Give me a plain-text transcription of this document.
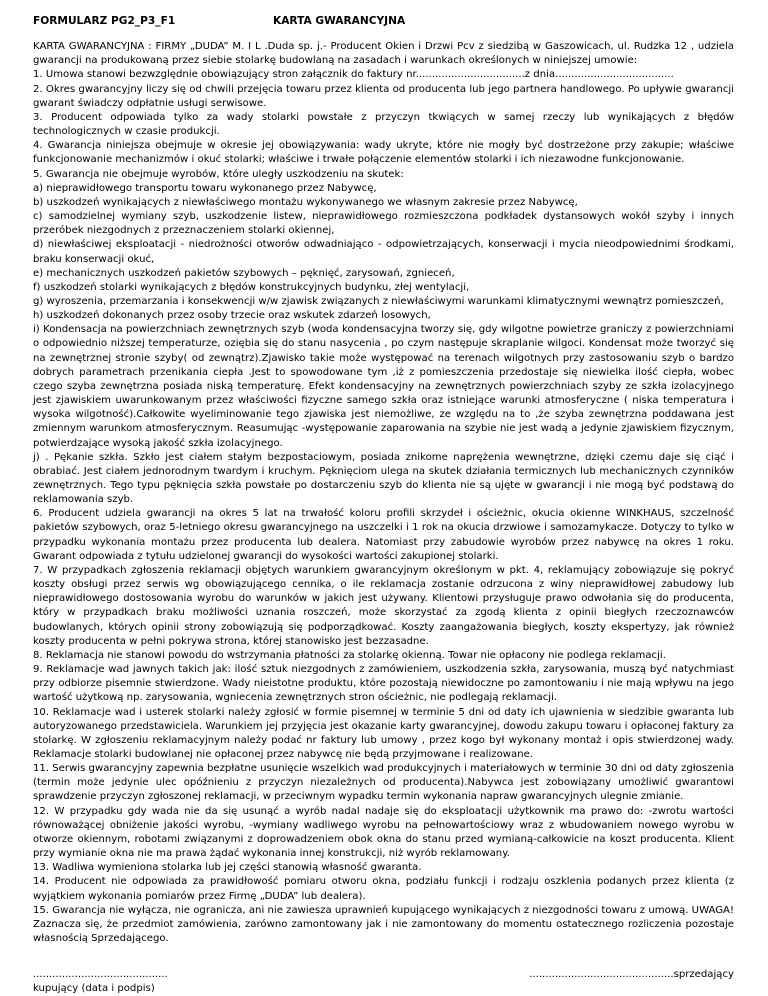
FORMULARZ PG2_P3_F1	KARTA GWARANCYJNA

KARTA GWARANCYJNA : FIRMY „DUDA” M. I L .Duda sp. j.- Producent Okien i Drzwi Pcv z siedzibą w Gaszowicach, ul. Rudzka 12 , udziela gwarancji na produkowaną przez siebie stolarkę budowlaną na zasadach i warunkach określonych w niniejszej umowie:

1. Umowa stanowi bezwzględnie obowiązujący stron załącznik do faktury nr..................................z dnia.....................................

2. Okres gwarancyjny liczy się od chwili przejęcia towaru przez klienta od producenta lub jego partnera handlowego. Po upływie gwarancji gwarant świadczy odpłatnie usługi serwisowe.

3. Producent odpowiada tylko za wady stolarki powstałe z przyczyn tkwiących w samej rzeczy lub wynikających z błędów technologicznych w czasie produkcji.

4. Gwarancja niniejsza obejmuje w okresie jej obowiązywania: wady ukryte, które nie mogły być dostrzeżone przy zakupie; właściwe funkcjonowanie mechanizmów i okuć stolarki; właściwe i trwałe połączenie elementów stolarki i ich niezawodne funkcjonowanie.

5. Gwarancja nie obejmuje wyrobów, które uległy uszkodzeniu na skutek:

a) nieprawidłowego transportu towaru wykonanego przez Nabywcę,

b) uszkodzeń wynikających z niewłaściwego montażu wykonywanego we własnym zakresie przez Nabywcę,

c) samodzielnej wymiany szyb, uszkodzenie listew, nieprawidłowego rozmieszczona podkładek dystansowych wokół szyby i innych przeróbek niezgodnych z przeznaczeniem stolarki okiennej,

d) niewłaściwej eksploatacji - niedrożności otworów odwadniająco - odpowietrzających, konserwacji i mycia nieodpowiednimi środkami, braku konserwacji okuć,

e) mechanicznych uszkodzeń pakietów szybowych – pęknięć, zarysowań, zgnieceń,

f) uszkodzeń stolarki wynikających z błędów konstrukcyjnych budynku, złej wentylacji,

g) wyroszenia, przemarzania i konsekwencji w/w zjawisk związanych z niewłaściwymi warunkami klimatycznymi wewnątrz pomieszczeń,

h) uszkodzeń dokonanych przez osoby trzecie oraz wskutek zdarzeń losowych,

i) Kondensacja na powierzchniach zewnętrznych szyb (woda kondensacyjna tworzy się, gdy wilgotne powietrze graniczy z powierzchniami o odpowiednio niższej temperaturze, oziębia się do stanu nasycenia , po czym następuje skraplanie wilgoci. Kondensat może tworzyć się na zewnętrznej stronie szyby( od zewnątrz).Zjawisko takie może występować na terenach wilgotnych przy zastosowaniu szyb o bardzo dobrych parametrach przenikania ciepła .Jest to spowodowane tym ,iż z pomieszczenia przedostaje się niewielka ilość ciepła, wobec czego szyba zewnętrzna posiada niską temperaturę. Efekt kondensacyjny na zewnętrznych powierzchniach szyby ze szkła izolacyjnego jest zjawiskiem uwarunkowanym przez właściwości fizyczne samego szkła oraz istniejące warunki atmosferyczne ( niska temperatura i wysoka wilgotność).Całkowite wyeliminowanie tego zjawiska jest niemożliwe, ze względu na to ,że szyba zewnętrzna poddawana jest zmiennym warunkom atmosferycznym. Reasumując -występowanie zaparowania na szybie nie jest wadą a jedynie zjawiskiem fizycznym, potwierdzające wysoką jakość szkła izolacyjnego.

j) . Pękanie szkła. Szkło jest ciałem stałym bezpostaciowym, posiada znikome naprężenia wewnętrzne, dzięki czemu daje się ciąć i obrabiać. Jest ciałem jednorodnym twardym i kruchym. Pęknięciom ulega na skutek działania termicznych lub mechanicznych czynników zewnętrznych. Tego typu pęknięcia szkła powstałe po dostarczeniu szyb do klienta nie są ujęte w gwarancji i nie mogą być podstawą do reklamowania szyb.

6. Producent udziela gwarancji na okres 5 lat na trwałość koloru profili skrzydeł i ościeżnic, okucia okienne WINKHAUS, szczelność pakietów szybowych, oraz 5-letniego okresu gwarancyjnego na uszczelki i 1 rok na okucia drzwiowe i samozamykacze. Dotyczy to tylko w przypadku wykonania montażu przez producenta lub dealera. Natomiast przy zabudowie wyrobów przez nabywcę na okres 1 roku. Gwarant odpowiada z tytułu udzielonej gwarancji do wysokości wartości zakupionej stolarki.

7. W przypadkach zgłoszenia reklamacji objętych warunkiem gwarancyjnym określonym w pkt. 4, reklamujący zobowiązuje się pokryć koszty obsługi przez serwis wg obowiązującego cennika, o ile reklamacja zostanie odrzucona z winy nieprawidłowej zabudowy lub nieprawidłowego dostosowania wyrobu do warunków w jakich jest używany. Klientowi przysługuje prawo odwołania się do producenta, który w przypadkach braku możliwości uznania roszczeń, może skorzystać za zgodą klienta z opinii biegłych rzeczoznawców budowlanych, których opinii strony zobowiązują się podporządkować. Koszty zaangażowania biegłych, koszty ekspertyzy, jak również koszty producenta w pełni pokrywa strona, której stanowisko jest bezzasadne.

8. Reklamacja nie stanowi powodu do wstrzymania płatności za stolarkę okienną. Towar nie opłacony nie podlega reklamacji.

9. Reklamacje wad jawnych takich jak: ilość sztuk niezgodnych z zamówieniem, uszkodzenia szkła, zarysowania, muszą być natychmiast przy odbiorze pisemnie stwierdzone. Wady nieistotne produktu, które pozostają niewidoczne po zamontowaniu i nie mają wpływu na jego wartość użytkową np. zarysowania, wgniecenia zewnętrznych stron ościeżnic, nie podlegają reklamacji.

10. Reklamacje wad i usterek stolarki należy zgłosić w formie pisemnej w terminie 5 dni od daty ich ujawnienia w siedzibie gwaranta lub autoryzowanego przedstawiciela. Warunkiem jej przyjęcia jest okazanie karty gwarancyjnej, dowodu zakupu towaru i opłaconej faktury za stolarkę. W zgłoszeniu reklamacyjnym należy podać nr faktury lub umowy , przez kogo był wykonany montaż i opis stwierdzonej wady. Reklamacje stolarki budowlanej nie opłaconej przez nabywcę nie będą przyjmowane i realizowane.

11. Serwis gwarancyjny zapewnia bezpłatne usunięcie wszelkich wad produkcyjnych i materiałowych w terminie 30 dni od daty zgłoszenia (termin może jedynie ulec opóźnieniu z przyczyn niezależnych od producenta).Nabywca jest zobowiązany umożliwić gwarantowi sprawdzenie przyczyn zgłoszonej reklamacji, w przeciwnym wypadku termin wykonania napraw gwarancyjnych ulegnie zmianie.

12. W przypadku gdy wada nie da się usunąć a wyrób nadal nadaje się do eksploatacji użytkownik ma prawo do: -zwrotu wartości równoważącej obniżenie jakości wyrobu, -wymiany wadliwego wyrobu na pełnowartościowy wraz z wbudowaniem nowego wyrobu w otworze okiennym, robotami związanymi z doprowadzeniem obok okna do stanu przed wymianą-całkowicie na koszt producenta. Klient przy wymianie okna nie ma prawa żądać wykonania innej konstrukcji, niż wyrób reklamowany.

13. Wadliwa wymieniona stolarka lub jej części stanowią własność gwaranta.

14. Producent nie odpowiada za prawidłowość pomiaru otworu okna, podziału funkcji i rodzaju oszklenia podanych przez klienta (z wyjątkiem wykonania pomiarów przez Firmę „DUDA” lub dealera).

15. Gwarancja nie wyłącza, nie ogranicza, ani nie zawiesza uprawnień kupującego wynikających z niezgodności towaru z umową. UWAGA! Zaznacza się, że przedmiot zamówienia, zarówno zamontowany jak i nie zamontowany do momentu ostatecznego rozliczenia pozostaje własnością Sprzedającego.

..........................................
kupujący (data i podpis)
.............................................sprzedający
